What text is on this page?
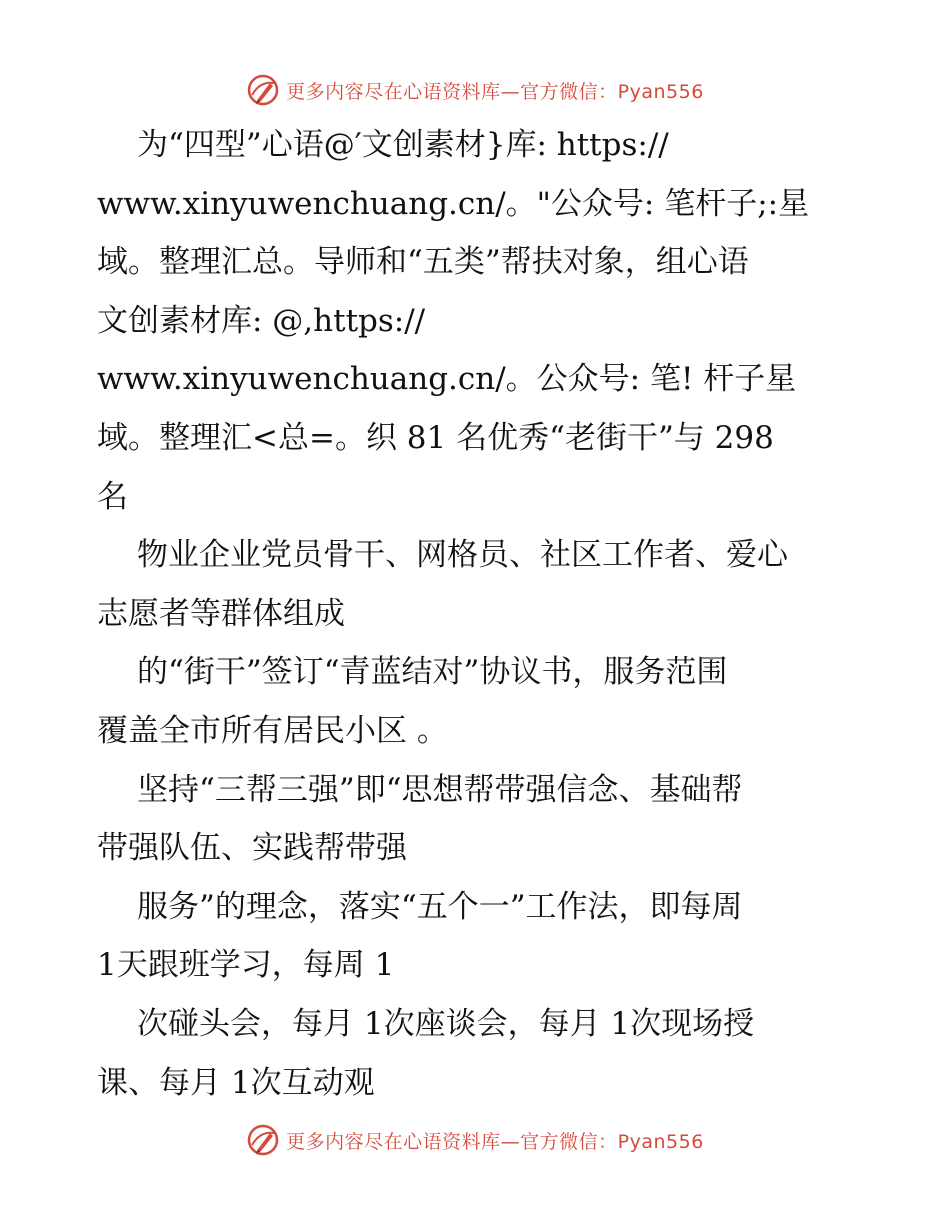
更多内容尽在心语资料库—官方微信：Pyan556
为“四型”心语@′文创素材}库: https://
www.xinyuwenchuang.cn/。"公众号: 笔杆子;:星
域。整理汇总。导师和“五类”帮扶对象，组心语
文创素材库: @,https://
www.xinyuwenchuang.cn/。公众号: 笔! 杆子星
域。整理汇<总=。织 81 名优秀“老街干”与 298
名
物业企业党员骨干、网格员、社区工作者、爱心
志愿者等群体组成
的“街干”签订“青蓝结对”协议书，服务范围
覆盖全市所有居民小区 。
坚持“三帮三强”即“思想帮带强信念、基础帮
带强队伍、实践帮带强
服务”的理念，落实“五个一”工作法，即每周
1天跟班学习，每周 1
次碰头会，每月 1次座谈会，每月 1次现场授
课、每月 1次互动观
更多内容尽在心语资料库—官方微信：Pyan556
